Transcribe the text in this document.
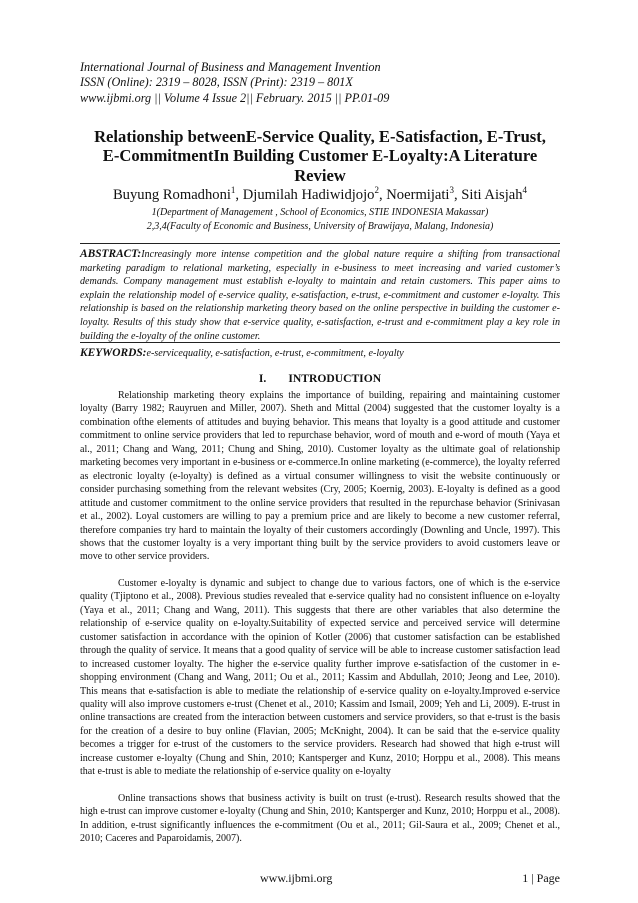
International Journal of Business and Management Invention
ISSN (Online): 2319 – 8028, ISSN (Print): 2319 – 801X
www.ijbmi.org || Volume 4 Issue 2|| February. 2015 || PP.01-09
Relationship betweenE-Service Quality, E-Satisfaction, E-Trust,
E-CommitmentIn Building Customer E-Loyalty:A Literature
Review
Buyung Romadhoni$^1$, Djumilah Hadiwidjojo$^2$, Noermijati$^3$, Siti Aisjah$^4$
1(Department of Management , School of Economics, STIE INDONESIA Makassar)
2,3,4(Faculty of Economic and Business, University of Brawijaya, Malang, Indonesia)
ABSTRACT:Increasingly more intense competition and the global nature require a shifting from transactional marketing paradigm to relational marketing, especially in e-business to meet increasing and varied customer’s demands. Company management must establish e-loyalty to maintain and retain customers. This paper aims to explain the relationship model of e-service quality, e-satisfaction, e-trust, e-commitment and customer e-loyalty. This relationship is based on the relationship marketing theory based on the online perspective in building the customer e-loyalty. Results of this study show that e-service quality, e-satisfaction, e-trust and e-commitment play a key role in building the e-loyalty of the online customer.
KEYWORDS:e-servicequality, e-satisfaction, e-trust, e-commitment, e-loyalty
I. INTRODUCTION

Relationship marketing theory explains the importance of building, repairing and maintaining customer loyalty (Barry 1982; Rauyruen and Miller, 2007). Sheth and Mittal (2004) suggested that the customer loyalty is a combination ofthe elements of attitudes and buying behavior. This means that loyalty is a good attitude and customer commitment to online service providers that led to repurchase behavior, word of mouth and e-word of mouth (Yaya et al., 2011; Chang and Wang, 2011; Chung and Shing, 2010). Customer loyalty as the ultimate goal of relationship marketing becomes very important in e-business or e-commerce.In online marketing (e-commerce), the loyalty referred as electronic loyalty (e-loyalty) is defined as a virtual consumer willingness to visit the website continuously or consider purchasing something from the relevant websites (Cry, 2005; Koernig, 2003). E-loyalty is defined as a good attitude and customer commitment to the online service providers that resulted in the repurchase behavior (Srinivasan et al., 2002). Loyal customers are willing to pay a premium price and are likely to become a new customer referral, therefore companies try hard to maintain the loyalty of their customers accordingly (Downling and Uncle, 1997). This shows that the customer loyalty is a very important thing built by the service providers to avoid customers leave or move to other service providers.

Customer e-loyalty is dynamic and subject to change due to various factors, one of which is the e-service quality (Tjiptono et al., 2008). Previous studies revealed that e-service quality had no consistent influence on e-loyalty (Yaya et al., 2011; Chang and Wang, 2011). This suggests that there are other variables that also determine the relationship of e-service quality on e-loyalty.Suitability of expected service and perceived service will determine customer satisfaction in accordance with the opinion of Kotler (2006) that customer satisfaction can be established through the quality of service. It means that a good quality of service will be able to increase customer satisfaction lead to increased customer loyalty. The higher the e-service quality further improve e-satisfaction of the customer in e-shopping environment (Chang and Wang, 2011; Ou et al., 2011; Kassim and Abdullah, 2010; Jeong and Lee, 2010). This means that e-satisfaction is able to mediate the relationship of e-service quality on e-loyalty.Improved e-service quality will also improve customers e-trust (Chenet et al., 2010; Kassim and Ismail, 2009; Yeh and Li, 2009). E-trust in online transactions are created from the interaction between customers and service providers, so that e-trust is the basis for the creation of a desire to buy online (Flavian, 2005; McKnight, 2004). It can be said that the e-service quality becomes a trigger for e-trust of the customers to the service providers. Research had showed that high e-trust will increase customer e-loyalty (Chung and Shin, 2010; Kantsperger and Kunz, 2010; Horppu et al., 2008). This means that e-trust is able to mediate the relationship of e-service quality on e-loyalty

Online transactions shows that business activity is built on trust (e-trust). Research results showed that the high e-trust can improve customer e-loyalty (Chung and Shin, 2010; Kantsperger and Kunz, 2010; Horppu et al., 2008). In addition, e-trust significantly influences the e-commitment (Ou et al., 2011; Gil-Saura et al., 2009; Chenet et al., 2010; Caceres and Paparoidamis, 2007).

www.ijbmi.org	1 | Page
